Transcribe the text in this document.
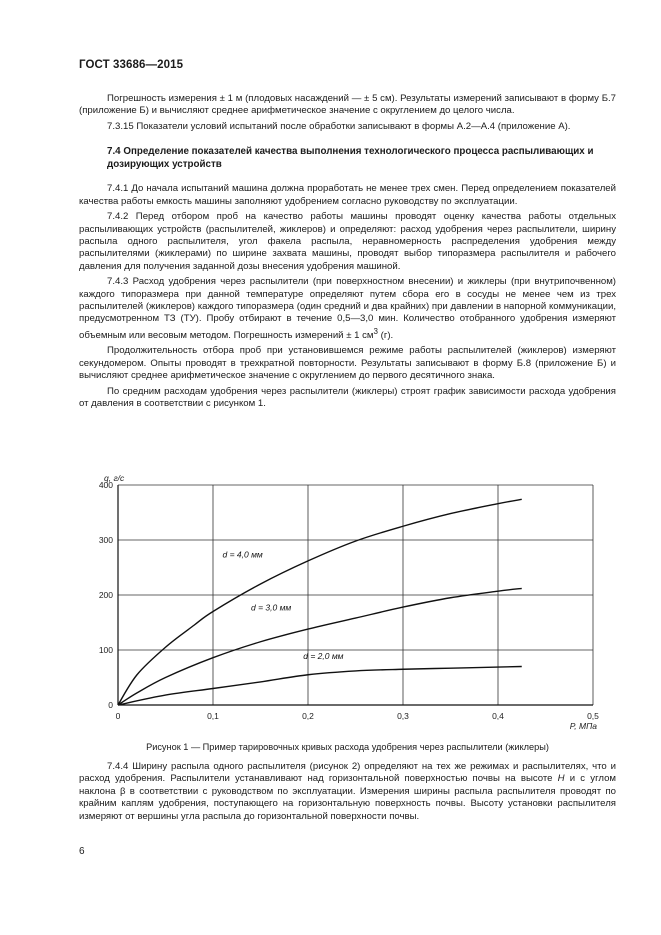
ГОСТ 33686—2015

Погрешность измерения ± 1 м (плодовых насаждений — ± 5 см). Результаты измерений записывают в форму Б.7 (приложение Б) и вычисляют среднее арифметическое значение с округлением до целого числа.

7.3.15 Показатели условий испытаний после обработки записывают в формы А.2—А.4 (приложение А).

7.4 Определение показателей качества выполнения технологического процесса распыливающих и дозирующих устройств

7.4.1 До начала испытаний машина должна проработать не менее трех смен. Перед определением показателей качества работы емкость машины заполняют удобрением согласно руководству по эксплуатации.

7.4.2 Перед отбором проб на качество работы машины проводят оценку качества работы отдельных распыливающих устройств (распылителей, жиклеров) и определяют: расход удобрения через распылители, ширину распыла одного распылителя, угол факела распыла, неравномерность распределения удобрения между распылителями (жиклерами) по ширине захвата машины, проводят выбор типоразмера распылителя и рабочего давления для получения заданной дозы внесения удобрения машиной.

7.4.3 Расход удобрения через распылители (при поверхностном внесении) и жиклеры (при внутрипочвенном) каждого типоразмера при данной температуре определяют путем сбора его в сосуды не менее чем из трех распылителей (жиклеров) каждого типоразмера (один средний и два крайних) при давлении в напорной коммуникации, предусмотренном ТЗ (ТУ). Пробу отбирают в течение 0,5—3,0 мин. Количество отобранного удобрения измеряют объемным или весовым методом. Погрешность измерений ± 1 $см^3$ (г).

Продолжительность отбора проб при установившемся режиме работы распылителей (жиклеров) измеряют секундомером. Опыты проводят в трехкратной повторности. Результаты записывают в форму Б.8 (приложение Б) и вычисляют среднее арифметическое значение с округлением до первого десятичного знака.

По средним расходам удобрения через распылители (жиклеры) строят график зависимости расхода удобрения от давления в соответствии с рисунком 1.

0	0,1	0,2	0,3	0,4	0,5
0
100
200
300
400
q, г/с
P, МПа
d = 4,0 мм
d = 3,0 мм
d = 2,0 мм
Рисунок 1 — Пример тарировочных кривых расхода удобрения через распылители (жиклеры)

7.4.4 Ширину распыла одного распылителя (рисунок 2) определяют на тех же режимах и распылителях, что и расход удобрения. Распылители устанавливают над горизонтальной поверхностью почвы на высоте H и с углом наклона β в соответствии с руководством по эксплуатации. Измерения ширины распыла распылителя проводят по крайним каплям удобрения, поступающего на горизонтальную поверхность почвы. Высоту установки распылителя измеряют от вершины угла распыла до горизонтальной поверхности почвы.

6
